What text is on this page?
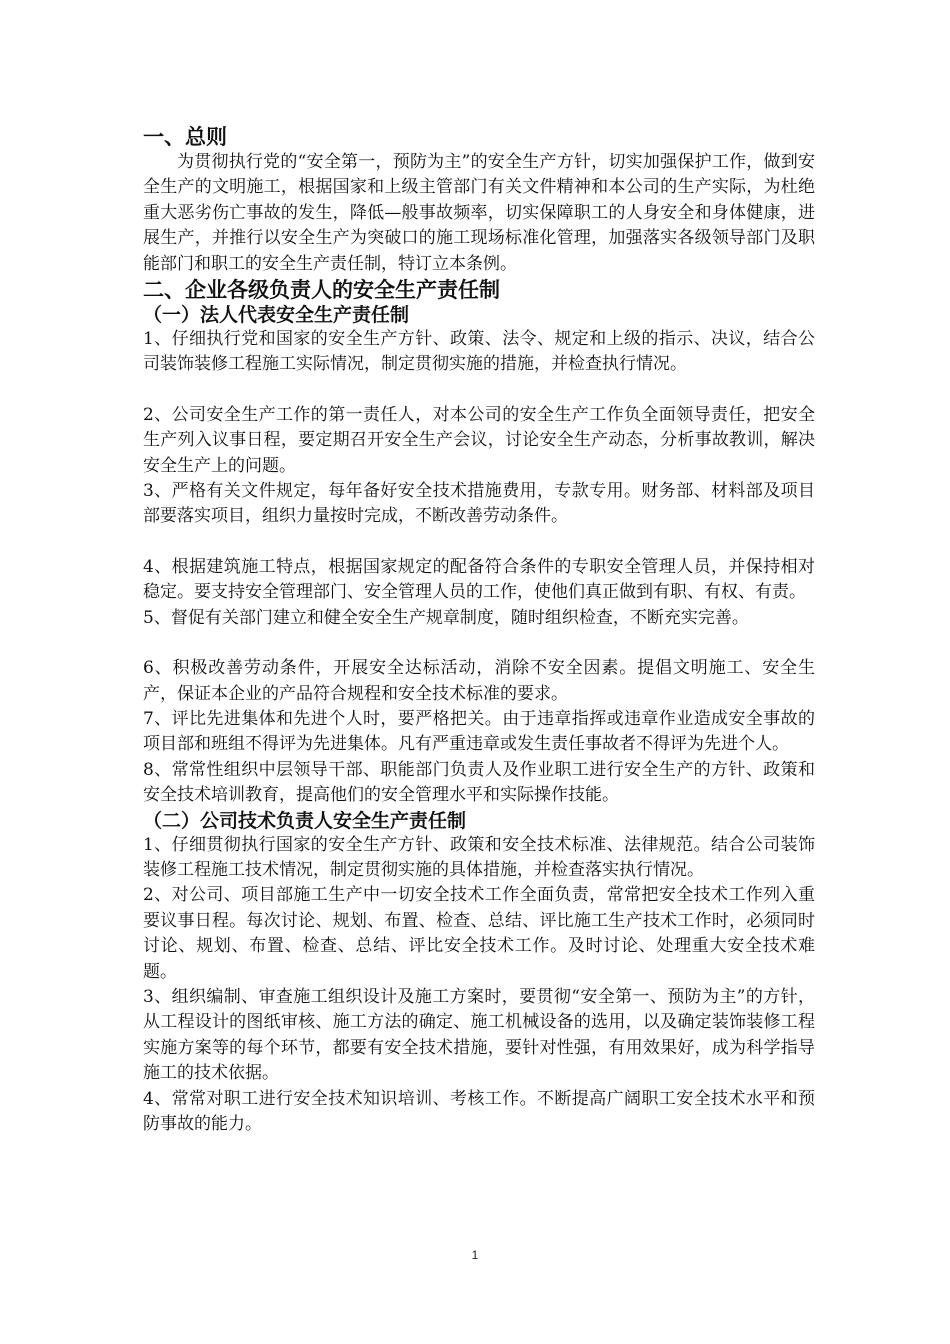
一、总则

为贯彻执行党的“安全第一，预防为主”的安全生产方针，切实加强保护工作，做到安全生产的文明施工，根据国家和上级主管部门有关文件精神和本公司的生产实际，为杜绝重大恶劣伤亡事故的发生，降低—般事故频率，切实保障职工的人身安全和身体健康，进展生产，并推行以安全生产为突破口的施工现场标准化管理，加强落实各级领导部门及职能部门和职工的安全生产责任制，特订立本条例。

二、企业各级负责人的安全生产责任制

（一）法人代表安全生产责任制

1、仔细执行党和国家的安全生产方针、政策、法令、规定和上级的指示、决议，结合公司装饰装修工程施工实际情况，制定贯彻实施的措施，并检查执行情况。

2、公司安全生产工作的第一责任人，对本公司的安全生产工作负全面领导责任，把安全生产列入议事日程，要定期召开安全生产会议，讨论安全生产动态，分析事故教训，解决安全生产上的问题。

3、严格有关文件规定，每年备好安全技术措施费用，专款专用。财务部、材料部及项目部要落实项目，组织力量按时完成，不断改善劳动条件。

4、根据建筑施工特点，根据国家规定的配备符合条件的专职安全管理人员，并保持相对稳定。要支持安全管理部门、安全管理人员的工作，使他们真正做到有职、有权、有责。

5、督促有关部门建立和健全安全生产规章制度，随时组织检查，不断充实完善。

6、积极改善劳动条件，开展安全达标活动，消除不安全因素。提倡文明施工、安全生产，保证本企业的产品符合规程和安全技术标准的要求。

7、评比先进集体和先进个人时，要严格把关。由于违章指挥或违章作业造成安全事故的项目部和班组不得评为先进集体。凡有严重违章或发生责任事故者不得评为先进个人。

8、常常性组织中层领导干部、职能部门负责人及作业职工进行安全生产的方针、政策和安全技术培训教育，提高他们的安全管理水平和实际操作技能。

（二）公司技术负责人安全生产责任制

1、仔细贯彻执行国家的安全生产方针、政策和安全技术标准、法律规范。结合公司装饰装修工程施工技术情况，制定贯彻实施的具体措施，并检查落实执行情况。

2、对公司、项目部施工生产中一切安全技术工作全面负责，常常把安全技术工作列入重要议事日程。每次讨论、规划、布置、检查、总结、评比施工生产技术工作时，必须同时讨论、规划、布置、检查、总结、评比安全技术工作。及时讨论、处理重大安全技术难题。

3、组织编制、审查施工组织设计及施工方案时，要贯彻“安全第一、预防为主”的方针，从工程设计的图纸审核、施工方法的确定、施工机械设备的选用，以及确定装饰装修工程实施方案等的每个环节，都要有安全技术措施，要针对性强，有用效果好，成为科学指导施工的技术依据。

4、常常对职工进行安全技术知识培训、考核工作。不断提高广阔职工安全技术水平和预防事故的能力。

1
